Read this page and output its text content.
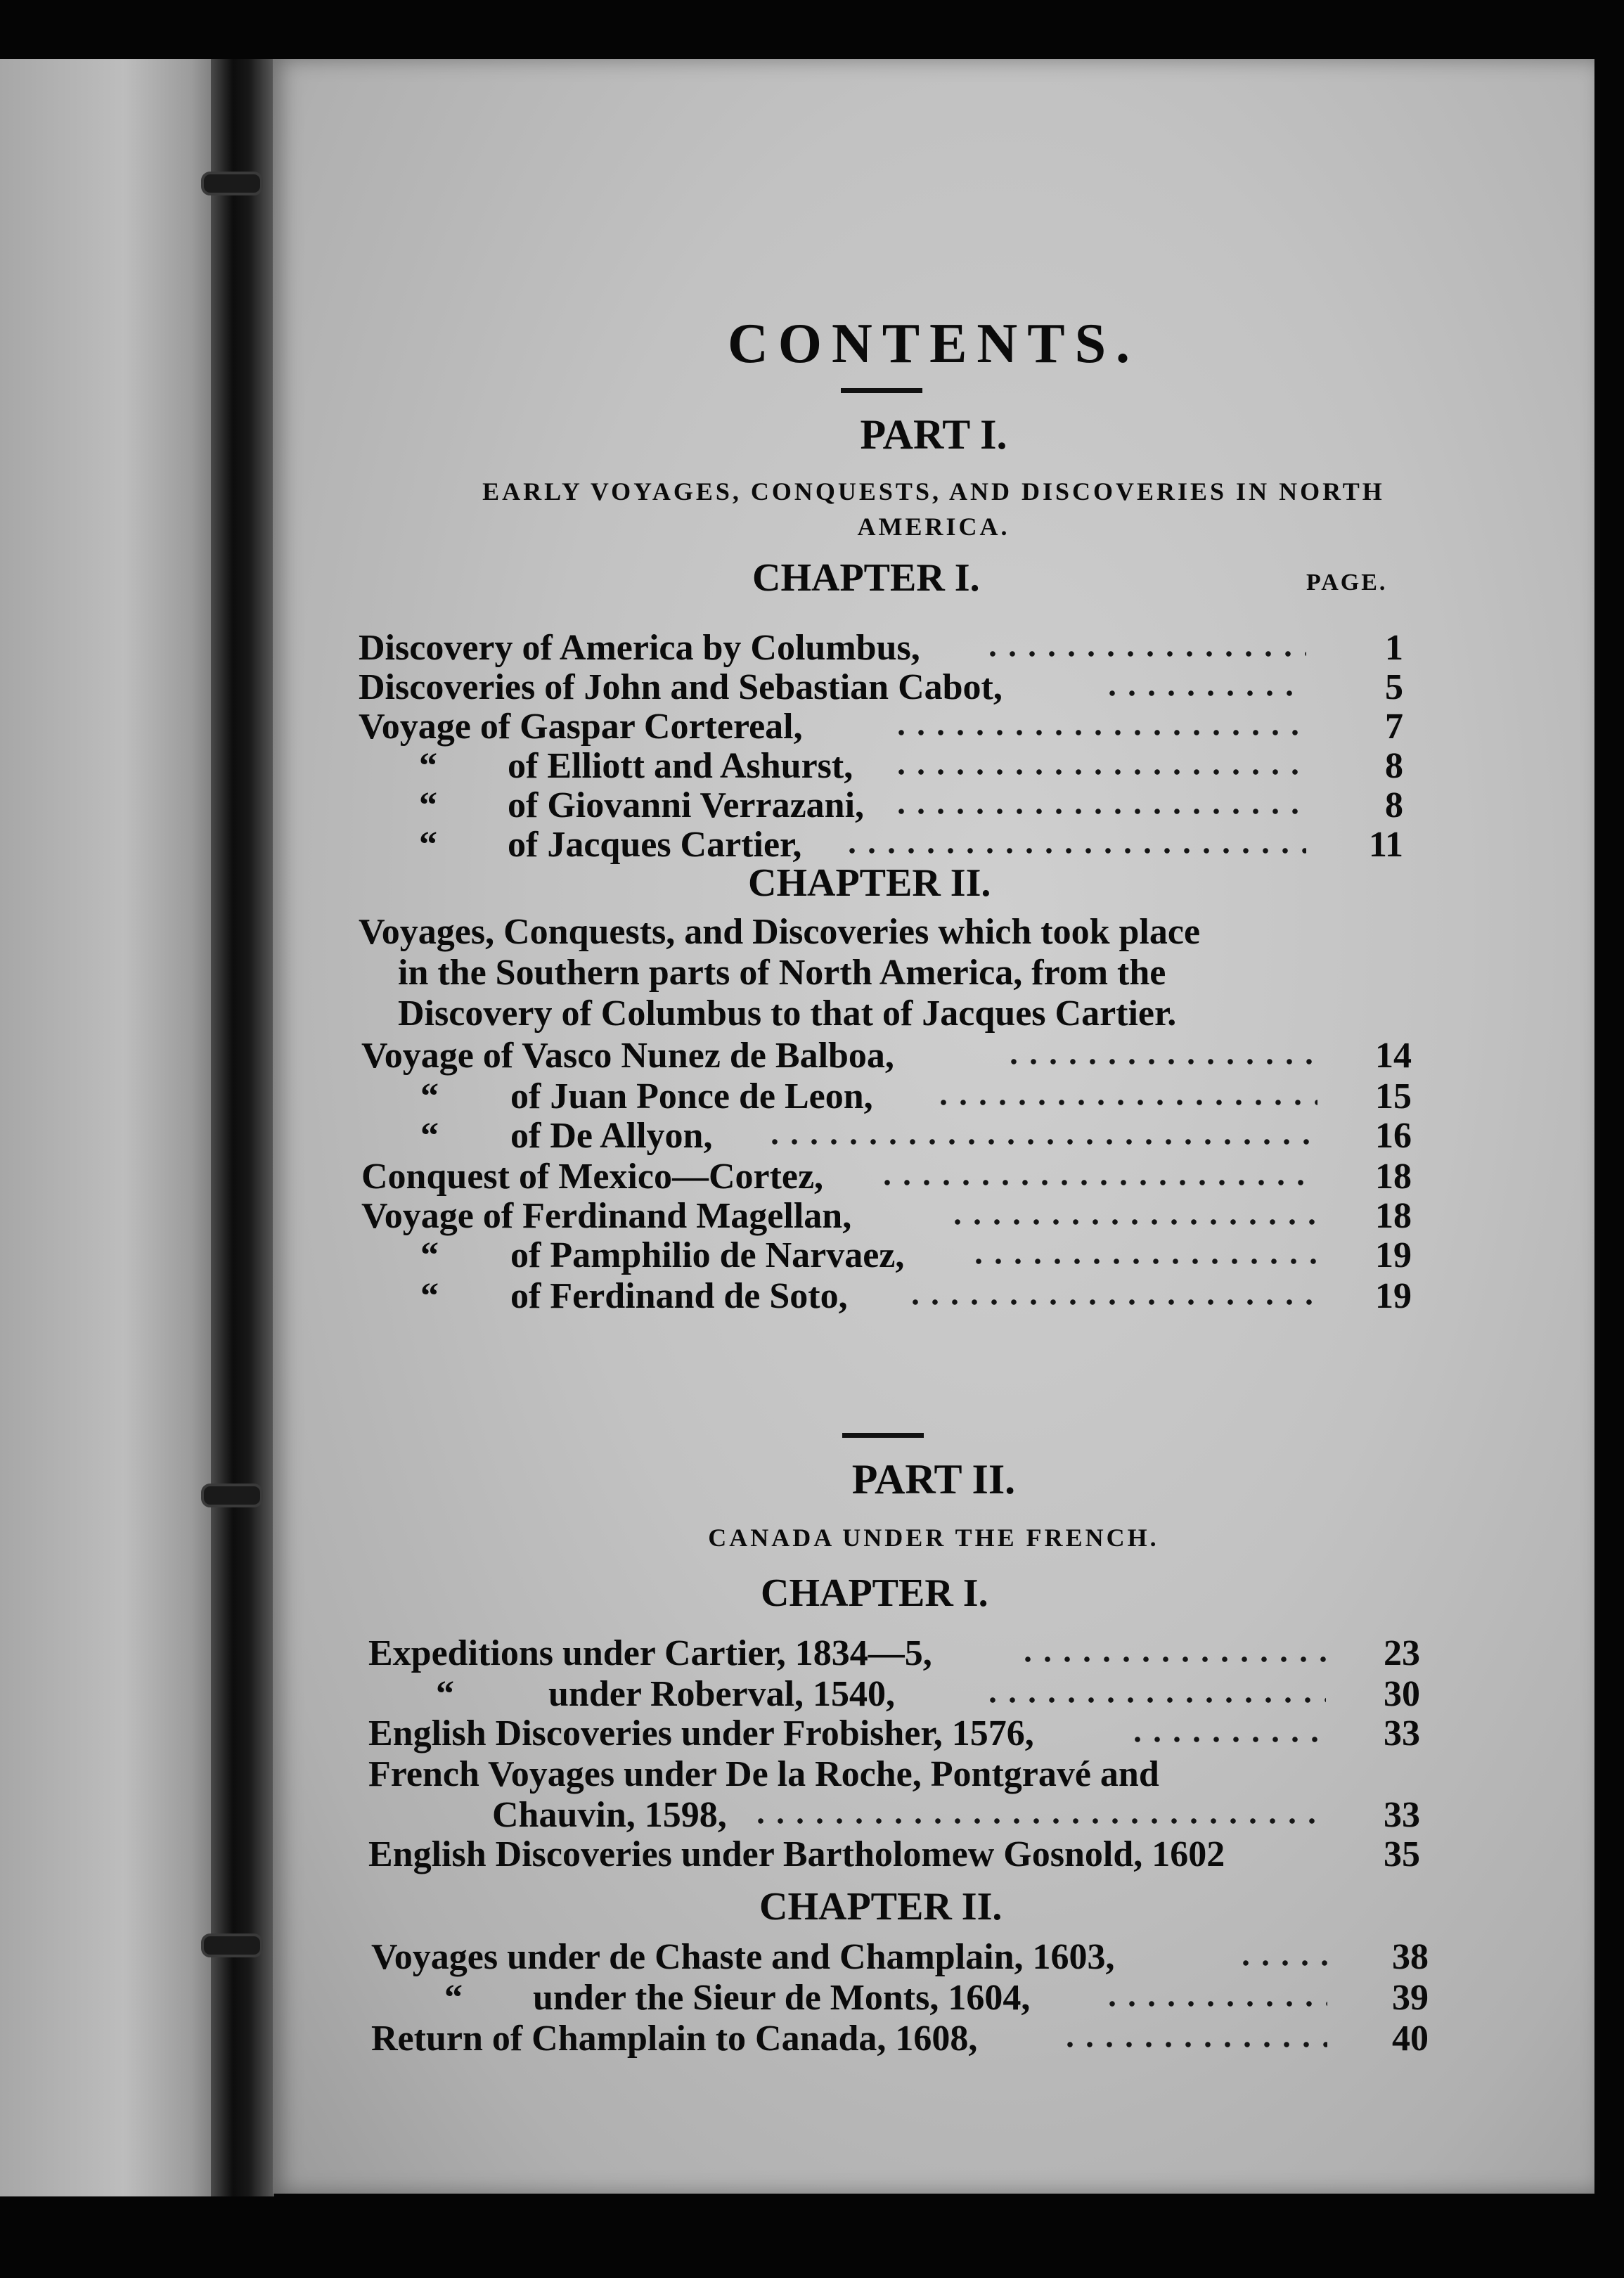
CONTENTS.
PART I.
EARLY VOYAGES, CONQUESTS, AND DISCOVERIES IN NORTH
AMERICA.
CHAPTER I.	PAGE.
Discovery of America by Columbus,	1
Discoveries of John and Sebastian Cabot,	5
Voyage of Gaspar Cortereal,	7
“ of Elliott and Ashurst,	8
“ of Giovanni Verrazani,	8
“ of Jacques Cartier,	11
CHAPTER II.
Voyages, Conquests, and Discoveries which took place
in the Southern parts of North America, from the
Discovery of Columbus to that of Jacques Cartier.
Voyage of Vasco Nunez de Balboa,	14
“ of Juan Ponce de Leon,	15
“ of De Allyon,	16
Conquest of Mexico—Cortez,	18
Voyage of Ferdinand Magellan,	18
“ of Pamphilio de Narvaez,	19
“ of Ferdinand de Soto,	19
PART II.
CANADA UNDER THE FRENCH.
CHAPTER I.
Expeditions under Cartier, 1834—5,	23
“	under Roberval, 1540,	30
English Discoveries under Frobisher, 1576,	33
French Voyages under De la Roche, Pontgravé and
Chauvin, 1598,	33
English Discoveries under Bartholomew Gosnold, 1602	35
CHAPTER II.
Voyages under de Chaste and Champlain, 1603,	38
“ under the Sieur de Monts, 1604,	39
Return of Champlain to Canada, 1608,	40
